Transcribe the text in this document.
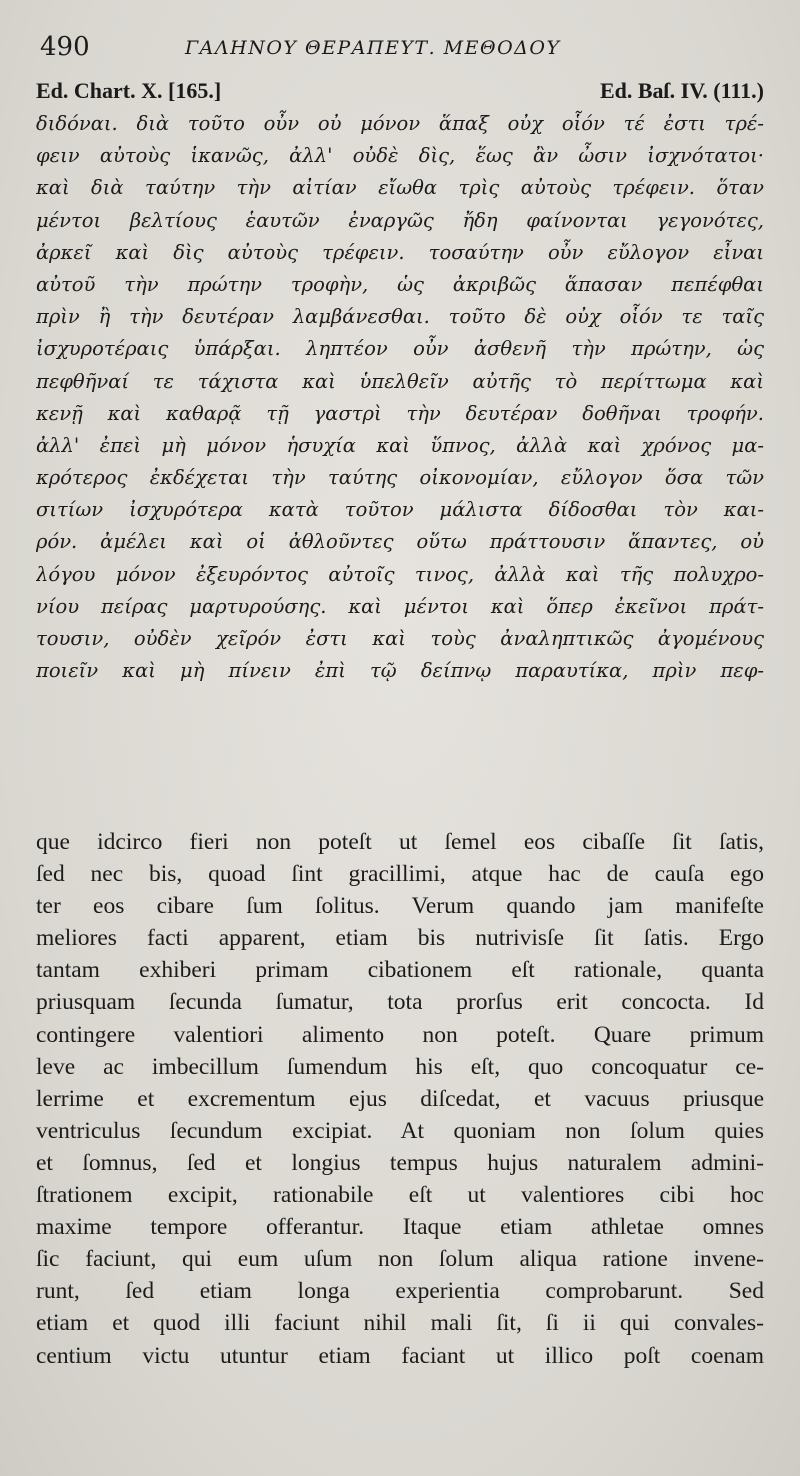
490	ΓΑΛΗΝΟΥ ΘΕΡΑΠΕΥΤ. ΜΕΘΟΔΟΥ
Ed. Chart. X. [165.]	Ed. Baſ. IV. (111.)
διδόναι. διὰ τοῦτο οὖν οὐ μόνον ἅπαξ οὐχ οἷόν τέ ἐστι τρέ-
φειν αὐτοὺς ἱκανῶς, ἀλλ' οὐδὲ δὶς, ἕως ἂν ὦσιν ἰσχνότατοι·
καὶ διὰ ταύτην τὴν αἰτίαν εἴωθα τρὶς αὐτοὺς τρέφειν. ὅταν
μέντοι βελτίους ἑαυτῶν ἐναργῶς ἤδη φαίνονται γεγονότες,
ἀρκεῖ καὶ δὶς αὐτοὺς τρέφειν. τοσαύτην οὖν εὔλογον εἶναι
αὐτοῦ τὴν πρώτην τροφὴν, ὡς ἀκριβῶς ἅπασαν πεπέφθαι
πρὶν ἢ τὴν δευτέραν λαμβάνεσθαι. τοῦτο δὲ οὐχ οἷόν τε ταῖς
ἰσχυροτέραις ὑπάρξαι. ληπτέον οὖν ἀσθενῆ τὴν πρώτην, ὡς
πεφθῆναί τε τάχιστα καὶ ὑπελθεῖν αὐτῆς τὸ περίττωμα καὶ
κενῇ καὶ καθαρᾷ τῇ γαστρὶ τὴν δευτέραν δοθῆναι τροφήν.
ἀλλ' ἐπεὶ μὴ μόνον ἡσυχία καὶ ὕπνος, ἀλλὰ καὶ χρόνος μα-
κρότερος ἐκδέχεται τὴν ταύτης οἰκονομίαν, εὔλογον ὅσα τῶν
σιτίων ἰσχυρότερα κατὰ τοῦτον μάλιστα δίδοσθαι τὸν και-
ρόν. ἀμέλει καὶ οἱ ἀθλοῦντες οὕτω πράττουσιν ἅπαντες, οὐ
λόγου μόνον ἐξευρόντος αὐτοῖς τινος, ἀλλὰ καὶ τῆς πολυχρο-
νίου πείρας μαρτυρούσης. καὶ μέντοι καὶ ὅπερ ἐκεῖνοι πράτ-
τουσιν, οὐδὲν χεῖρόν ἐστι καὶ τοὺς ἀναληπτικῶς ἀγομένους
ποιεῖν καὶ μὴ πίνειν ἐπὶ τῷ δείπνῳ παραυτίκα, πρὶν πεφ-
que idcirco fieri non poteſt ut ſemel eos cibaſſe ſit ſatis,
ſed nec bis, quoad ſint gracillimi, atque hac de cauſa ego
ter eos cibare ſum ſolitus. Verum quando jam manifeſte
meliores facti apparent, etiam bis nutrivisſe ſit ſatis. Ergo
tantam exhiberi primam cibationem eſt rationale, quanta
priusquam ſecunda ſumatur, tota prorſus erit concocta. Id
contingere valentiori alimento non poteſt. Quare primum
leve ac imbecillum ſumendum his eſt, quo concoquatur ce-
lerrime et excrementum ejus diſcedat, et vacuus priusque
ventriculus ſecundum excipiat. At quoniam non ſolum quies
et ſomnus, ſed et longius tempus hujus naturalem admini-
ſtrationem excipit, rationabile eſt ut valentiores cibi hoc
maxime tempore offerantur. Itaque etiam athletae omnes
ſic faciunt, qui eum uſum non ſolum aliqua ratione invene-
runt, ſed etiam longa experientia comprobarunt. Sed
etiam et quod illi faciunt nihil mali ſit, ſi ii qui convales-
centium victu utuntur etiam faciant ut illico poſt coenam
